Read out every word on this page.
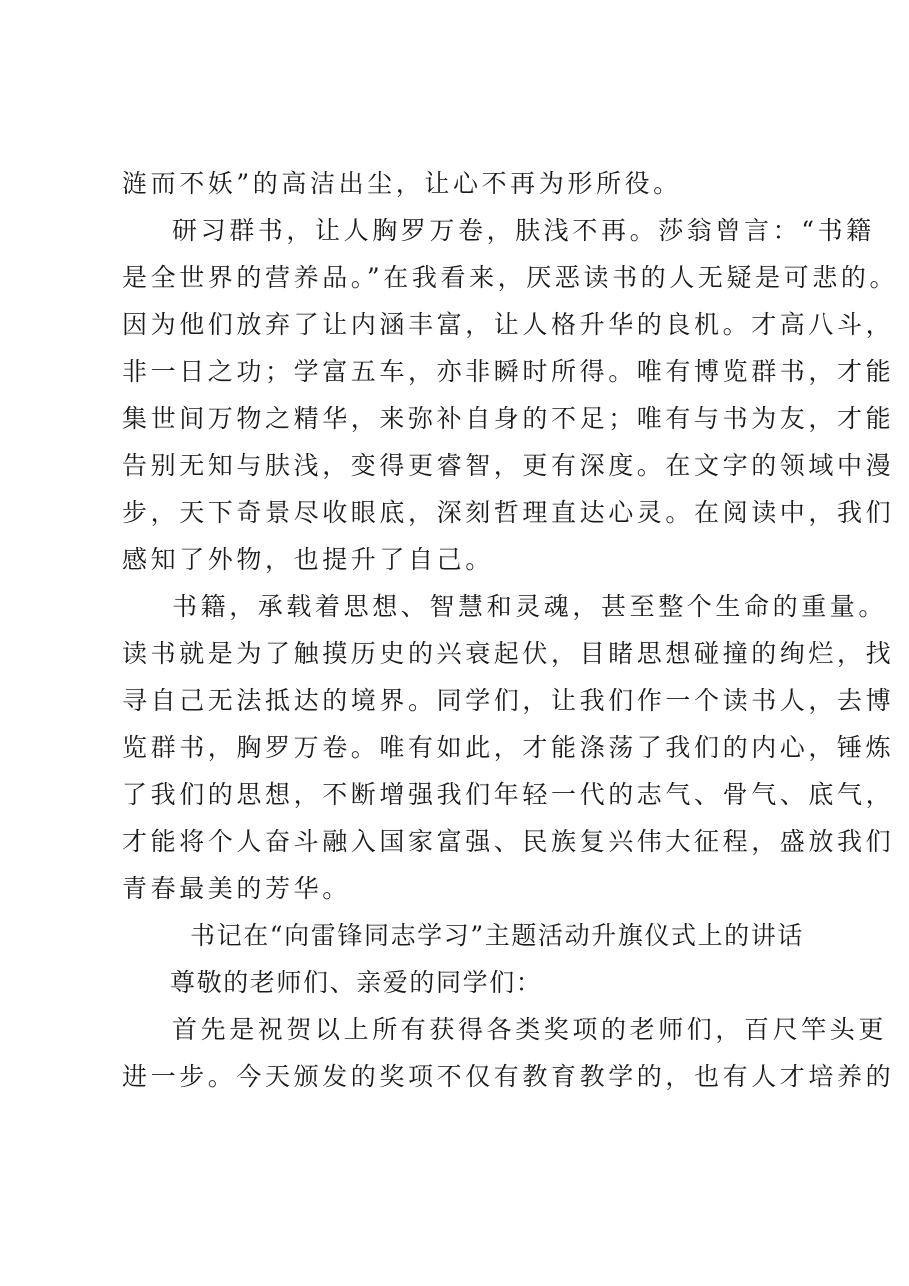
涟而不妖”的高洁出尘，让心不再为形所役。
研习群书，让人胸罗万卷，肤浅不再。莎翁曾言：“书籍
是全世界的营养品。”在我看来，厌恶读书的人无疑是可悲的。
因为他们放弃了让内涵丰富，让人格升华的良机。才高八斗，
非一日之功；学富五车，亦非瞬时所得。唯有博览群书，才能
集世间万物之精华，来弥补自身的不足；唯有与书为友，才能
告别无知与肤浅，变得更睿智，更有深度。在文字的领域中漫
步，天下奇景尽收眼底，深刻哲理直达心灵。在阅读中，我们
感知了外物，也提升了自己。
书籍，承载着思想、智慧和灵魂，甚至整个生命的重量。
读书就是为了触摸历史的兴衰起伏，目睹思想碰撞的绚烂，找
寻自己无法抵达的境界。同学们，让我们作一个读书人，去博
览群书，胸罗万卷。唯有如此，才能涤荡了我们的内心，锤炼
了我们的思想，不断增强我们年轻一代的志气、骨气、底气，
才能将个人奋斗融入国家富强、民族复兴伟大征程，盛放我们
青春最美的芳华。
书记在“向雷锋同志学习”主题活动升旗仪式上的讲话
尊敬的老师们、亲爱的同学们：
首先是祝贺以上所有获得各类奖项的老师们，百尺竿头更
进一步。今天颁发的奖项不仅有教育教学的，也有人才培养的
